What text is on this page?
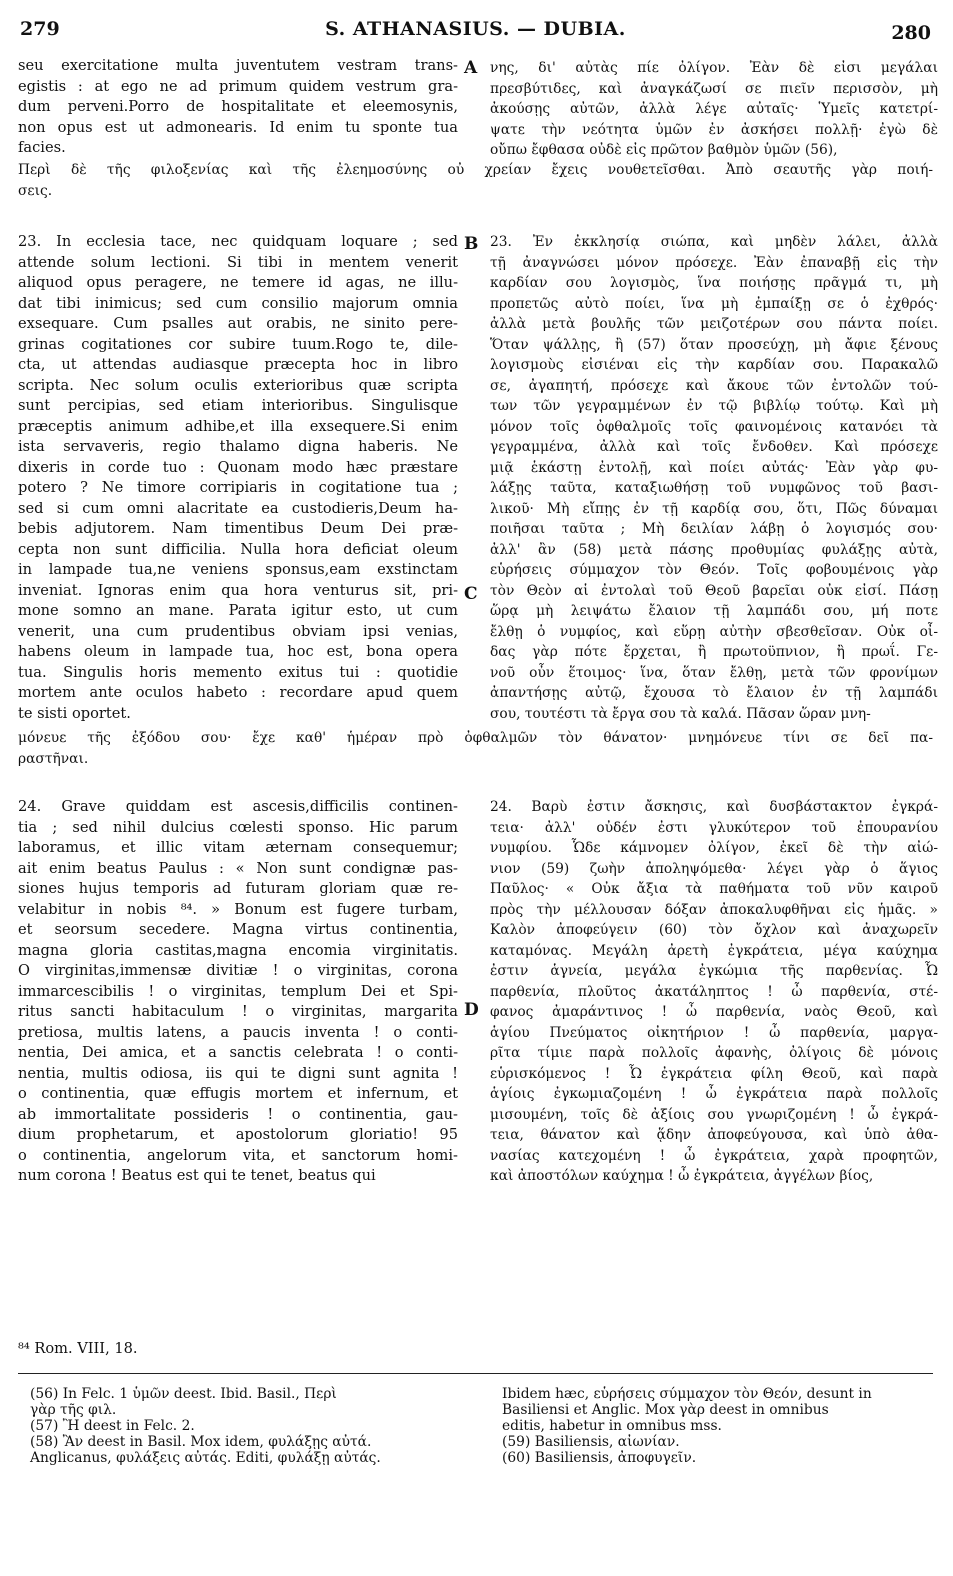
279	S. ATHANASIUS. — DUBIA.	280
seu exercitatione multa juventutem vestram trans-
egistis : at ego ne ad primum quidem vestrum gra-
dum perveni.Porro de hospitalitate et eleemosynis,
non opus est ut admonearis. Id enim tu sponte tua
facies.
νης, δι' αὐτὰς πίε ὀλίγον. Ἐὰν δὲ εἰσι μεγάλαι
πρεσβύτιδες, καὶ ἀναγκάζωσί σε πιεῖν περισσὸν, μὴ
ἀκούσῃς αὐτῶν, ἀλλὰ λέγε αὐταῖς· Ὑμεῖς κατετρί-
ψατε τὴν νεότητα ὑμῶν ἐν ἀσκήσει πολλῇ· ἐγὼ δὲ
οὔπω ἔφθασα οὐδὲ εἰς πρῶτον βαθμὸν ὑμῶν (56),
Περὶ δὲ τῆς φιλοξενίας καὶ τῆς ἐλεημοσύνης οὐ χρείαν ἔχεις νουθετεῖσθαι. Ἀπὸ σεαυτῆς γὰρ ποιή-
σεις.
23. In ecclesia tace, nec quidquam loquare ; sed
attende solum lectioni. Si tibi in mentem venerit
aliquod opus peragere, ne temere id agas, ne illu-
dat tibi inimicus; sed cum consilio majorum omnia
exsequare. Cum psalles aut orabis, ne sinito pere-
grinas cogitationes cor subire tuum.Rogo te, dile-
cta, ut attendas audiasque præcepta hoc in libro
scripta. Nec solum oculis exterioribus quæ scripta
sunt percipias, sed etiam interioribus. Singulisque
præceptis animum adhibe,et illa exsequere.Si enim
ista servaveris, regio thalamo digna haberis. Ne
dixeris in corde tuo : Quonam modo hæc præstare
potero ? Ne timore corripiaris in cogitatione tua ;
sed si cum omni alacritate ea custodieris,Deum ha-
bebis adjutorem. Nam timentibus Deum Dei præ-
cepta non sunt difficilia. Nulla hora deficiat oleum
in lampade tua,ne veniens sponsus,eam exstinctam
inveniat. Ignoras enim qua hora venturus sit, pri-
mone somno an mane. Parata igitur esto, ut cum
venerit, una cum prudentibus obviam ipsi venias,
habens oleum in lampade tua, hoc est, bona opera
tua. Singulis horis memento exitus tui : quotidie
mortem ante oculos habeto : recordare apud quem
te sisti oportet.
23. Ἐν ἐκκλησίᾳ σιώπα, καὶ μηδὲν λάλει, ἀλλὰ
τῇ ἀναγνώσει μόνον πρόσεχε. Ἐὰν ἐπαναβῇ εἰς τὴν
καρδίαν σου λογισμὸς, ἵνα ποιήσῃς πρᾶγμά τι, μὴ
προπετῶς αὐτὸ ποίει, ἵνα μὴ ἐμπαίξῃ σε ὁ ἐχθρός·
ἀλλὰ μετὰ βουλῆς τῶν μειζοτέρων σου πάντα ποίει.
Ὅταν ψάλλῃς, ἢ (57) ὅταν προσεύχῃ, μὴ ἄφιε ξένους
λογισμοὺς εἰσιέναι εἰς τὴν καρδίαν σου. Παρακαλῶ
σε, ἀγαπητή, πρόσεχε καὶ ἄκουε τῶν ἐντολῶν τού-
των τῶν γεγραμμένων ἐν τῷ βιβλίῳ τούτῳ. Καὶ μὴ
μόνον τοῖς ὀφθαλμοῖς τοῖς φαινομένοις κατανόει τὰ
γεγραμμένα, ἀλλὰ καὶ τοῖς ἔνδοθεν. Καὶ πρόσεχε
μιᾷ ἑκάστῃ ἐντολῇ, καὶ ποίει αὐτάς· Ἐὰν γὰρ φυ-
λάξῃς ταῦτα, καταξιωθήσῃ τοῦ νυμφῶνος τοῦ βασι-
λικοῦ· Μὴ εἴπῃς ἐν τῇ καρδίᾳ σου, ὅτι, Πῶς δύναμαι
ποιῆσαι ταῦτα ; Μὴ δειλίαν λάβῃ ὁ λογισμός σου·
ἀλλ' ἂν (58) μετὰ πάσης προθυμίας φυλάξῃς αὐτὰ,
εὑρήσεις σύμμαχον τὸν Θεόν. Τοῖς φοβουμένοις γὰρ
τὸν Θεὸν αἱ ἐντολαὶ τοῦ Θεοῦ βαρεῖαι οὐκ εἰσί. Πάσῃ
ὥρᾳ μὴ λειψάτω ἔλαιον τῇ λαμπάδι σου, μή ποτε
ἔλθῃ ὁ νυμφίος, καὶ εὕρῃ αὐτὴν σβεσθεῖσαν. Οὐκ οἶ-
δας γὰρ πότε ἔρχεται, ἢ πρωτοϋπνιον, ἢ πρωΐ. Γε-
νοῦ οὖν ἕτοιμος· ἵνα, ὅταν ἔλθῃ, μετὰ τῶν φρονίμων
ἀπαντήσῃς αὐτῷ, ἔχουσα τὸ ἔλαιον ἐν τῇ λαμπάδι
σου, τουτέστι τὰ ἔργα σου τὰ καλά. Πᾶσαν ὥραν μνη-
μόνευε τῆς ἐξόδου σου· ἔχε καθ' ἡμέραν πρὸ ὀφθαλμῶν τὸν θάνατον· μνημόνευε τίνι σε δεῖ πα-
ραστῆναι.
24. Grave quiddam est ascesis,difficilis continen-
tia ; sed nihil dulcius cœlesti sponso. Hic parum
laboramus, et illic vitam æternam consequemur;
ait enim beatus Paulus : « Non sunt condignæ pas-
siones hujus temporis ad futuram gloriam quæ re-
velabitur in nobis ⁸⁴. » Bonum est fugere turbam,
et seorsum secedere. Magna virtus continentia,
magna gloria castitas,magna encomia virginitatis.
O virginitas,immensæ divitiæ ! o virginitas, corona
immarcescibilis ! o virginitas, templum Dei et Spi-
ritus sancti habitaculum ! o virginitas, margarita
pretiosa, multis latens, a paucis inventa ! o conti-
nentia, Dei amica, et a sanctis celebrata ! o conti-
nentia, multis odiosa, iis qui te digni sunt agnita !
o continentia, quæ effugis mortem et infernum, et
ab immortalitate possideris ! o continentia, gau-
dium prophetarum, et apostolorum gloriatio! 95
o continentia, angelorum vita, et sanctorum homi-
num corona ! Beatus est qui te tenet, beatus qui
24. Βαρὺ ἐστιν ἄσκησις, καὶ δυσβάστακτον ἐγκρά-
τεια· ἀλλ' οὐδέν ἐστι γλυκύτερον τοῦ ἐπουρανίου
νυμφίου. Ὧδε κάμνομεν ὀλίγον, ἐκεῖ δὲ τὴν αἰώ-
νιον (59) ζωὴν ἀποληψόμεθα· λέγει γὰρ ὁ ἅγιος
Παῦλος· « Οὐκ ἄξια τὰ παθήματα τοῦ νῦν καιροῦ
πρὸς τὴν μέλλουσαν δόξαν ἀποκαλυφθῆναι εἰς ἡμᾶς. »
Καλὸν ἀποφεύγειν (60) τὸν ὄχλον καὶ ἀναχωρεῖν
καταμόνας. Μεγάλη ἀρετὴ ἐγκράτεια, μέγα καύχημα
ἐστιν ἁγνεία, μεγάλα ἐγκώμια τῆς παρθενίας. Ὦ
παρθενία, πλοῦτος ἀκατάληπτος ! ὦ παρθενία, στέ-
φανος ἀμαράντινος ! ὦ παρθενία, ναὸς Θεοῦ, καὶ
ἁγίου Πνεύματος οἰκητήριον ! ὦ παρθενία, μαργα-
ρῖτα τίμιε παρὰ πολλοῖς ἀφανὴς, ὀλίγοις δὲ μόνοις
εὑρισκόμενος ! Ὦ ἐγκράτεια φίλη Θεοῦ, καὶ παρὰ
ἁγίοις ἐγκωμιαζομένη ! ὦ ἐγκράτεια παρὰ πολλοῖς
μισουμένη, τοῖς δὲ ἀξίοις σου γνωριζομένη ! ὦ ἐγκρά-
τεια, θάνατον καὶ ᾅδην ἀποφεύγουσα, καὶ ὑπὸ ἀθα-
νασίας κατεχομένη ! ὦ ἐγκράτεια, χαρὰ προφητῶν,
καὶ ἀποστόλων καύχημα ! ὦ ἐγκράτεια, ἀγγέλων βίος,
A
B
C
D
⁸⁴ Rom. VIII, 18.
(56) In Felc. 1 ὑμῶν deest. Ibid. Basil., Περὶ
γὰρ τῆς φιλ.
(57) Ἢ deest in Felc. 2.
(58) Ἂν deest in Basil. Mox idem, φυλάξῃς αὐτά.
Anglicanus, φυλάξεις αὐτάς. Editi, φυλάξῃ αὐτάς.
Ibidem hæc, εὑρήσεις σύμμαχον τὸν Θεόν, desunt in
Basiliensi et Anglic. Mox γὰρ deest in omnibus
editis, habetur in omnibus mss.
(59) Basiliensis, αἰωνίαν.
(60) Basiliensis, ἀποφυγεῖν.
